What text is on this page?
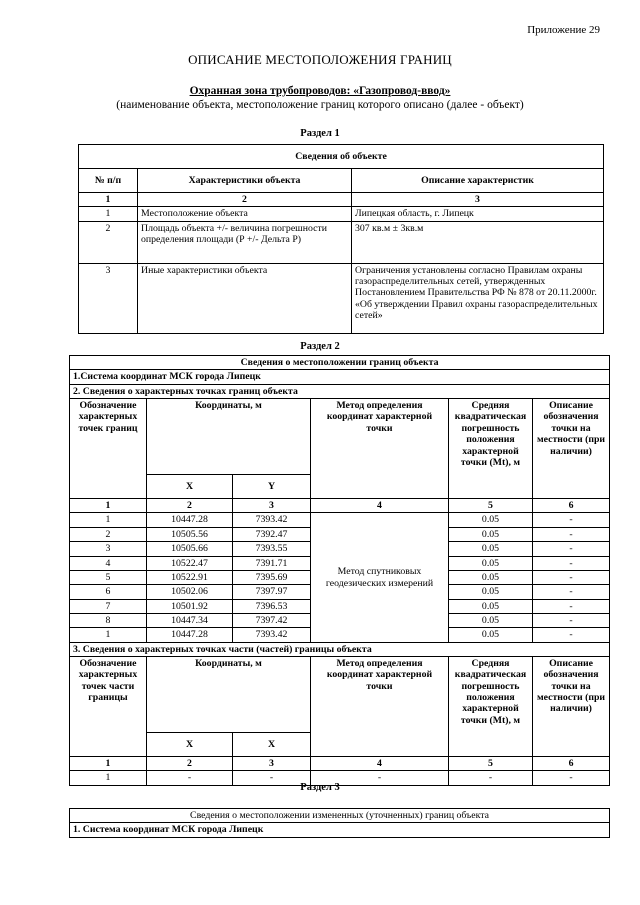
Приложение 29
ОПИСАНИЕ МЕСТОПОЛОЖЕНИЯ ГРАНИЦ
Охранная зона трубопроводов: «Газопровод-ввод»
(наименование объекта, местоположение границ которого описано (далее - объект)
Раздел 1
Сведения об объекте		
№ п/п	Характеристики объекта	Описание характеристик
1	2	3
1	Местоположение объекта	Липецкая область, г. Липецк
2	Площадь объекта +/- величина погрешности определения площади (Р +/- Дельта Р)	307 кв.м ± 3кв.м
3	Иные характеристики объекта	Ограничения установлены согласно Правилам охраны газораспределительных сетей, утвержденных Постановлением Правительства РФ № 878 от 20.11.2000г. «Об утверждении Правил охраны газораспределительных сетей»
Раздел 2
Сведения о местоположении границ объекта					
1.Система координат МСК города Липецк					
2. Сведения о характерных точках границ объекта					
Обозначение характерных точек границ	Координаты, м		Метод определения координат характерной точки	Средняя квадратическая погрешность положения характерной точки (Mt), м	Описание обозначения точки на местности (при наличии)
	X	Y			
1	2	3	4	5	6
1	10447.28	7393.42	Метод спутниковых геодезических измерений	0.05	-
2	10505.56	7392.47		0.05	-
3	10505.66	7393.55		0.05	-
4	10522.47	7391.71		0.05	-
5	10522.91	7395.69		0.05	-
6	10502.06	7397.97		0.05	-
7	10501.92	7396.53		0.05	-
8	10447.34	7397.42		0.05	-
1	10447.28	7393.42		0.05	-
3. Сведения о характерных точках части (частей) границы объекта					
Обозначение характерных точек части границы	Координаты, м		Метод определения координат характерной точки	Средняя квадратическая погрешность положения характерной точки (Mt), м	Описание обозначения точки на местности (при наличии)
	X	X			
1	2	3	4	5	6
1	-	-	-	-	-
Раздел 3
Сведения о местоположении измененных (уточненных) границ объекта
1. Система координат МСК города Липецк
